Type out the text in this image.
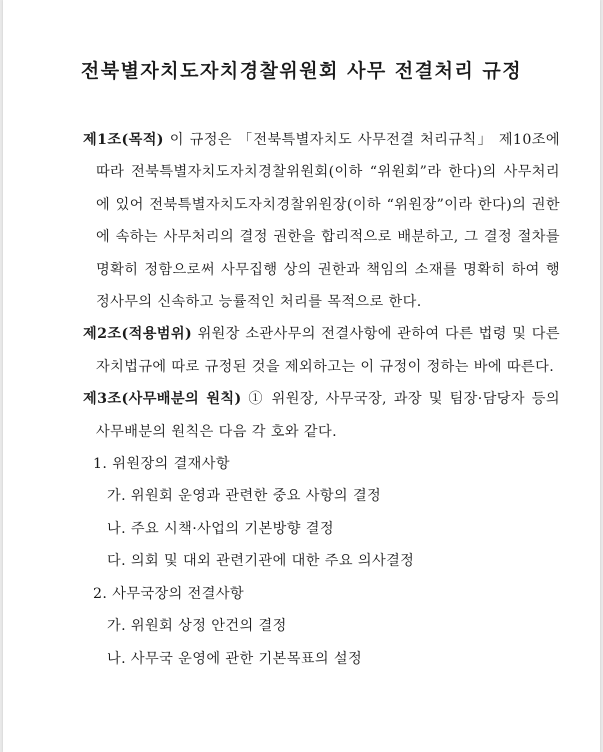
전북별자치도자치경찰위원회 사무 전결처리 규정

제1조(목적) 이 규정은 「전북특별자치도 사무전결 처리규칙」 제10조에 따라 전북특별자치도자치경찰위원회(이하 “위원회”라 한다)의 사무처리에 있어 전북특별자치도자치경찰위원장(이하 “위원장”이라 한다)의 권한에 속하는 사무처리의 결정 권한을 합리적으로 배분하고, 그 결정 절차를 명확히 정함으로써 사무집행 상의 권한과 책임의 소재를 명확히 하여 행정사무의 신속하고 능률적인 처리를 목적으로 한다.

제2조(적용범위) 위원장 소관사무의 전결사항에 관하여 다른 법령 및 다른 자치법규에 따로 규정된 것을 제외하고는 이 규정이 정하는 바에 따른다.

제3조(사무배분의 원칙) ① 위원장, 사무국장, 과장 및 팀장·담당자 등의 사무배분의 원칙은 다음 각 호와 같다.

1. 위원장의 결재사항

가. 위원회 운영과 관련한 중요 사항의 결정

나. 주요 시책·사업의 기본방향 결정

다. 의회 및 대외 관련기관에 대한 주요 의사결정

2. 사무국장의 전결사항

가. 위원회 상정 안건의 결정

나. 사무국 운영에 관한 기본목표의 설정
